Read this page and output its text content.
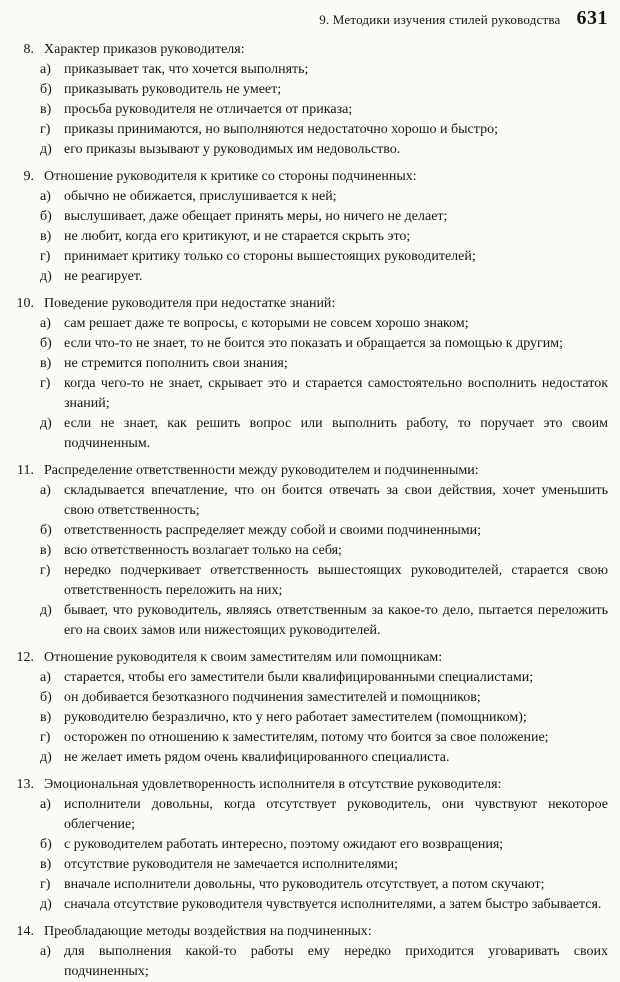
9. Методики изучения стилей руководства 631
8. Характер приказов руководителя:
а) приказывает так, что хочется выполнять;
б) приказывать руководитель не умеет;
в) просьба руководителя не отличается от приказа;
г) приказы принимаются, но выполняются недостаточно хорошо и быстро;
д) его приказы вызывают у руководимых им недовольство.
9. Отношение руководителя к критике со стороны подчиненных:
а) обычно не обижается, прислушивается к ней;
б) выслушивает, даже обещает принять меры, но ничего не делает;
в) не любит, когда его критикуют, и не старается скрыть это;
г) принимает критику только со стороны вышестоящих руководителей;
д) не реагирует.
10. Поведение руководителя при недостатке знаний:
а) сам решает даже те вопросы, с которыми не совсем хорошо знаком;
б) если что-то не знает, то не боится это показать и обращается за помощью к другим;
в) не стремится пополнить свои знания;
г) когда чего-то не знает, скрывает это и старается самостоятельно восполнить недостаток знаний;
д) если не знает, как решить вопрос или выполнить работу, то поручает это своим подчиненным.
11. Распределение ответственности между руководителем и подчиненными:
а) складывается впечатление, что он боится отвечать за свои действия, хочет уменьшить свою ответственность;
б) ответственность распределяет между собой и своими подчиненными;
в) всю ответственность возлагает только на себя;
г) нередко подчеркивает ответственность вышестоящих руководителей, старается свою ответственность переложить на них;
д) бывает, что руководитель, являясь ответственным за какое-то дело, пытается переложить его на своих замов или нижестоящих руководителей.
12. Отношение руководителя к своим заместителям или помощникам:
а) старается, чтобы его заместители были квалифицированными специалистами;
б) он добивается безотказного подчинения заместителей и помощников;
в) руководителю безразлично, кто у него работает заместителем (помощником);
г) осторожен по отношению к заместителям, потому что боится за свое положение;
д) не желает иметь рядом очень квалифицированного специалиста.
13. Эмоциональная удовлетворенность исполнителя в отсутствие руководителя:
а) исполнители довольны, когда отсутствует руководитель, они чувствуют некоторое облегчение;
б) с руководителем работать интересно, поэтому ожидают его возвращения;
в) отсутствие руководителя не замечается исполнителями;
г) вначале исполнители довольны, что руководитель отсутствует, а потом скучают;
д) сначала отсутствие руководителя чувствуется исполнителями, а затем быстро забывается.
14. Преобладающие методы воздействия на подчиненных:
а) для выполнения какой-то работы ему нередко приходится уговаривать своих подчиненных;
